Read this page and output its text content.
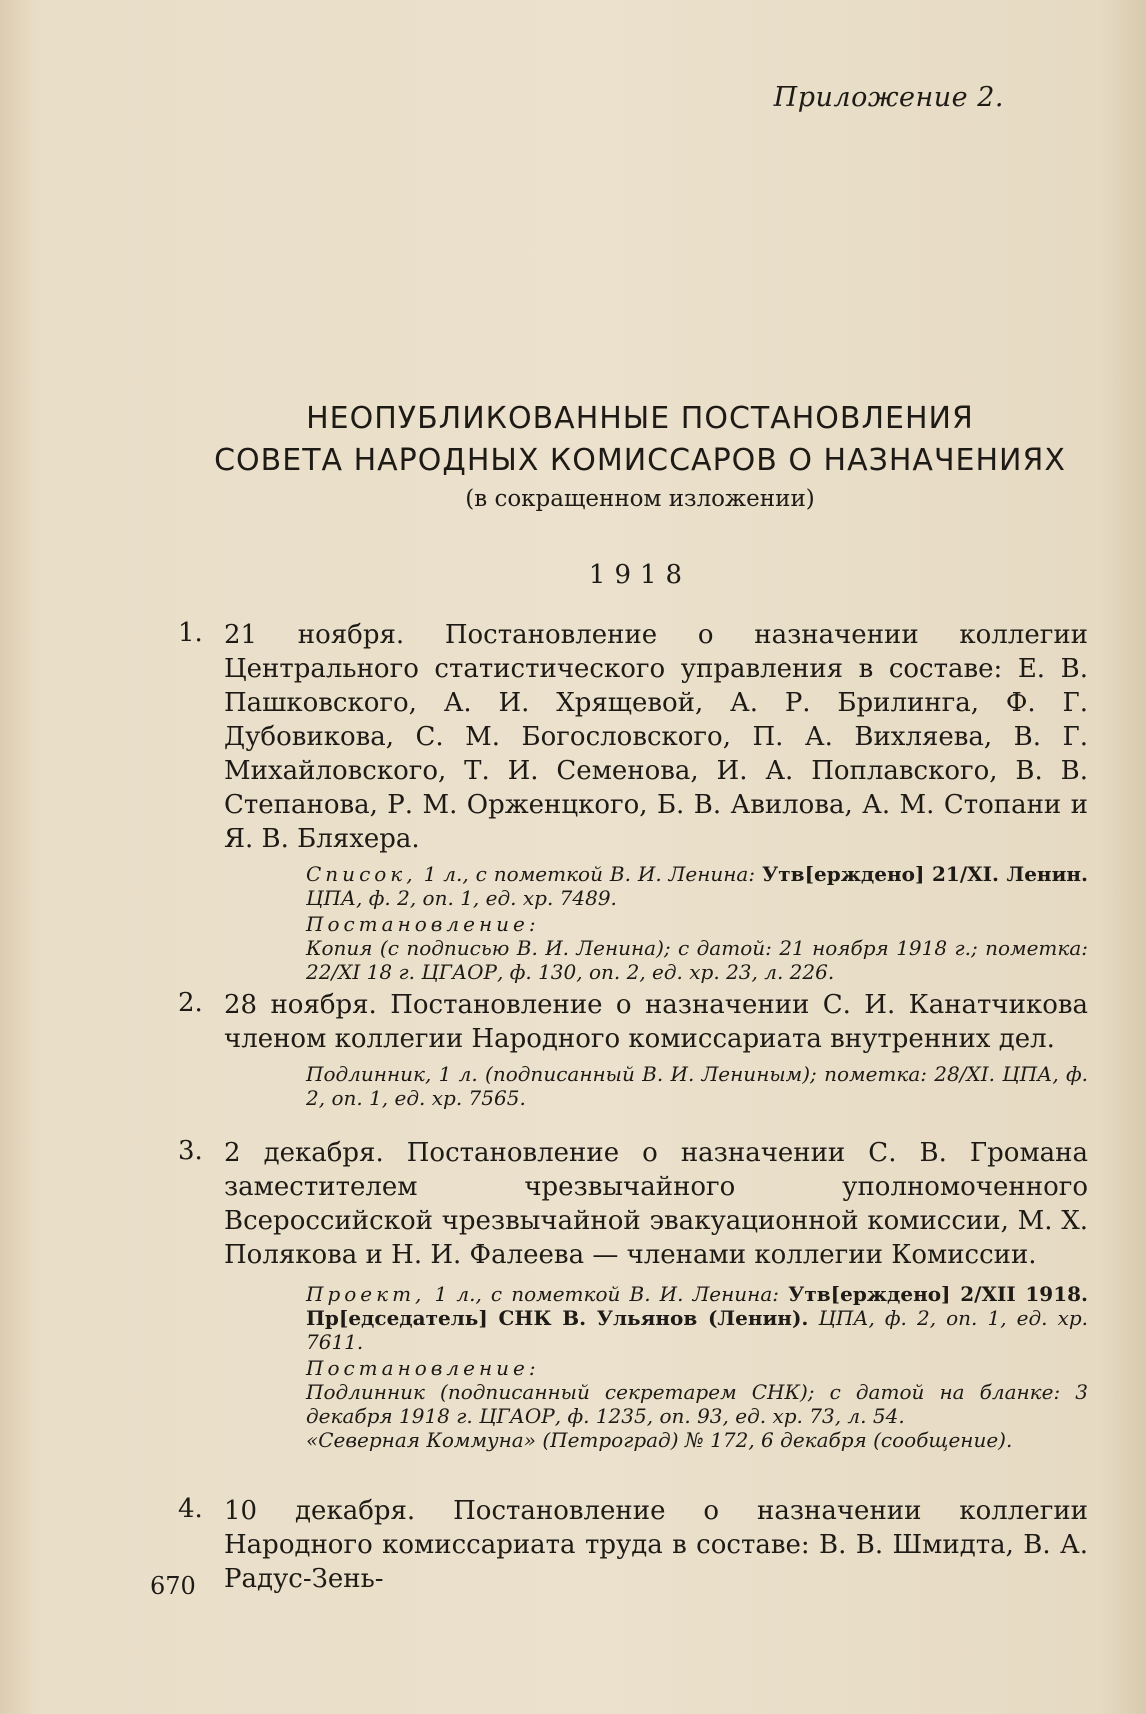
Приложение 2.
НЕОПУБЛИКОВАННЫЕ ПОСТАНОВЛЕНИЯ
СОВЕТА НАРОДНЫХ КОМИССАРОВ О НАЗНАЧЕНИЯХ
(в сокращенном изложении)
1918
1. 21 ноября. Постановление о назначении коллегии Центрального статистического управления в составе: Е. В. Пашковского, А. И. Хрящевой, А. Р. Брилинга, Ф. Г. Дубовикова, С. М. Богословского, П. А. Вихляева, В. Г. Михайловского, Т. И. Семенова, И. А. Поплавского, В. В. Степанова, Р. М. Орженцкого, Б. В. Авилова, А. М. Стопани и Я. В. Бляхера.
Список, 1 л., с пометкой В. И. Ленина: Утв[ерждено] 21/XI. Ленин. ЦПА, ф. 2, оп. 1, ед. хр. 7489.
Постановление:
Копия (с подписью В. И. Ленина); с датой: 21 ноября 1918 г.; пометка: 22/XI 18 г. ЦГАОР, ф. 130, оп. 2, ед. хр. 23, л. 226.
2. 28 ноября. Постановление о назначении С. И. Канатчикова членом коллегии Народного комиссариата внутренних дел.
Подлинник, 1 л. (подписанный В. И. Лениным); пометка: 28/XI. ЦПА, ф. 2, оп. 1, ед. хр. 7565.
3. 2 декабря. Постановление о назначении С. В. Громана заместителем чрезвычайного уполномоченного Всероссийской чрезвычайной эвакуационной комиссии, М. Х. Полякова и Н. И. Фалеева — членами коллегии Комиссии.
Проект, 1 л., с пометкой В. И. Ленина: Утв[ерждено] 2/XII 1918. Пр[едседатель] СНК В. Ульянов (Ленин). ЦПА, ф. 2, оп. 1, ед. хр. 7611.
Постановление:
Подлинник (подписанный секретарем СНК); с датой на бланке: 3 декабря 1918 г. ЦГАОР, ф. 1235, оп. 93, ед. хр. 73, л. 54.
«Северная Коммуна» (Петроград) № 172, 6 декабря (сообщение).
4. 10 декабря. Постановление о назначении коллегии Народного комиссариата труда в составе: В. В. Шмидта, В. А. Радус-Зень-
670
